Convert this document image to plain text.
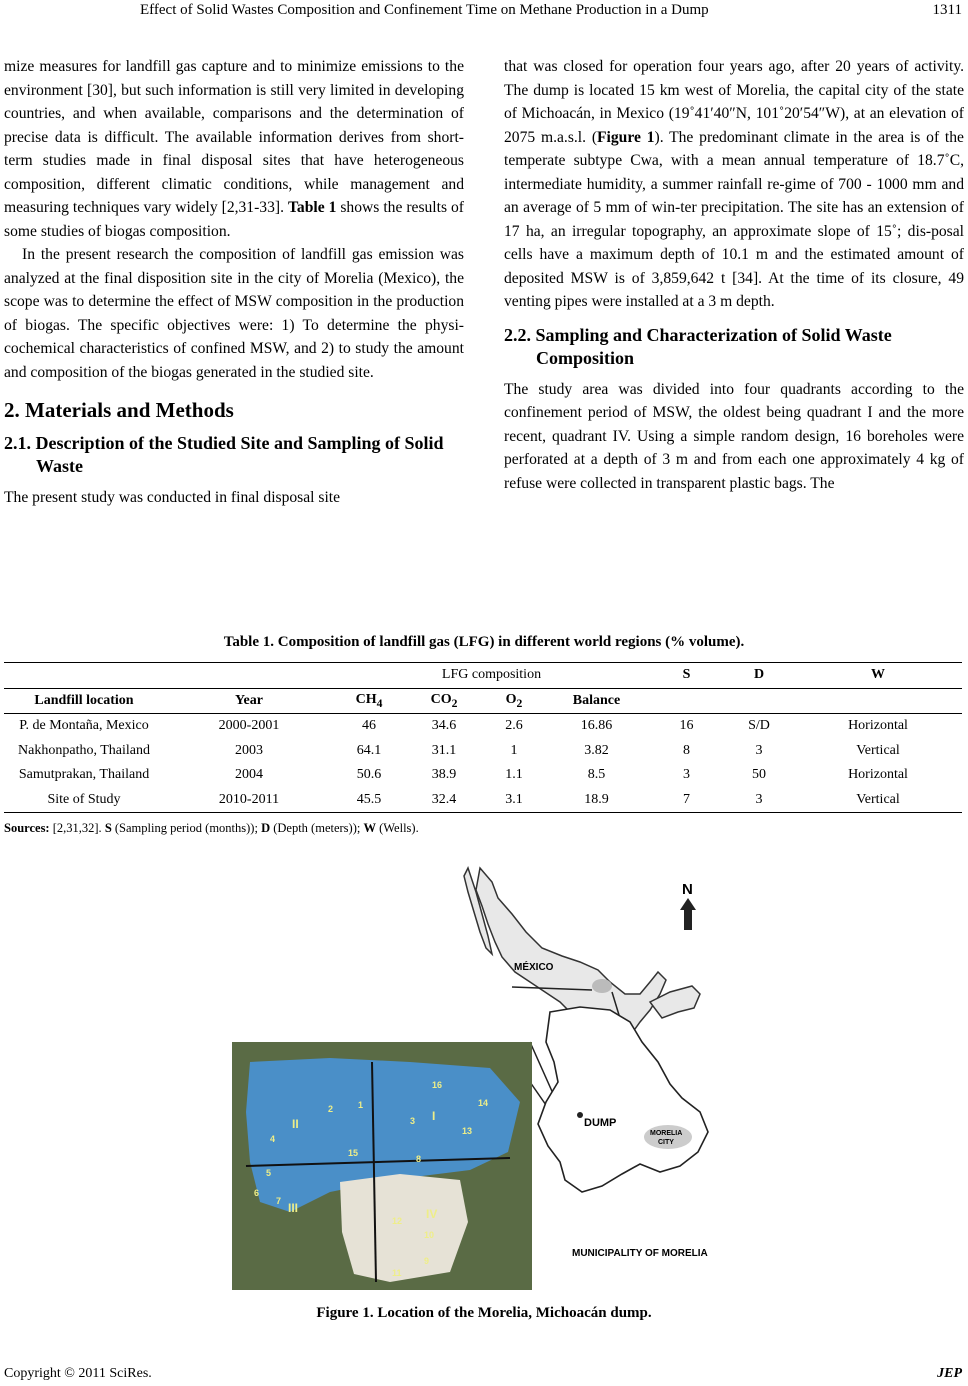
Effect of Solid Wastes Composition and Confinement Time on Methane Production in a Dump	1311

mize measures for landfill gas capture and to minimize emissions to the environment [30], but such information is still very limited in developing countries, and when available, comparisons and the determination of precise data is difficult. The available information derives from short-term studies made in final disposal sites that have heterogeneous composition, different climatic conditions, while management and measuring techniques vary widely [2,31-33]. Table 1 shows the results of some studies of biogas composition.

In the present research the composition of landfill gas emission was analyzed at the final disposition site in the city of Morelia (Mexico), the scope was to determine the effect of MSW composition in the production of biogas. The specific objectives were: 1) To determine the physi-cochemical characteristics of confined MSW, and 2) to study the amount and composition of the biogas generated in the studied site.

2. Materials and Methods
2.1. Description of the Studied Site and Sampling of Solid Waste

The present study was conducted in final disposal site

that was closed for operation four years ago, after 20 years of activity. The dump is located 15 km west of Morelia, the capital city of the state of Michoacán, in Mexico (19˚41′40″N, 101˚20′54″W), at an elevation of 2075 m.a.s.l. (Figure 1). The predominant climate in the area is of the temperate subtype Cwa, with a mean annual temperature of 18.7˚C, intermediate humidity, a summer rainfall re-gime of 700 - 1000 mm and an average of 5 mm of win-ter precipitation. The site has an extension of 17 ha, an irregular topography, an approximate slope of 15˚; dis-posal cells have a maximum depth of 10.1 m and the estimated amount of deposited MSW is of 3,859,642 t [34]. At the time of its closure, 49 venting pipes were installed at a 3 m depth.

2.2. Sampling and Characterization of Solid Waste Composition

The study area was divided into four quadrants according to the confinement period of MSW, the oldest being quadrant I and the more recent, quadrant IV. Using a simple random design, 16 boreholes were perforated at a depth of 3 m and from each one approximately 4 kg of refuse were collected in transparent plastic bags. The

Table 1. Composition of landfill gas (LFG) in different world regions (% volume).
		LFG composition				S	D	W
Landfill location	Year	$CH_4$	$CO_2$	$O_2$	Balance			
P. de Montaña, Mexico	2000-2001	46	34.6	2.6	16.86	16	S/D	Horizontal
Nakhonpatho, Thailand	2003	64.1	31.1	1	3.82	8	3	Vertical
Samutprakan, Thailand	2004	50.6	38.9	1.1	8.5	3	50	Horizontal
Site of Study	2010-2011	45.5	32.4	3.1	18.9	7	3	Vertical
Sources: [2,31,32]. S (Sampling period (months)); D (Depth (meters)); W (Wells).
N
MÉXICO
DUMP
MORELIA
CITY
MUNICIPALITY OF MORELIA
I
II
III	IV
1
2
3
4
5
6
7
8
9
10
11
12
13
14
15
16
Figure 1. Location of the Morelia, Michoacán dump.
Copyright © 2011 SciRes.	JEP
